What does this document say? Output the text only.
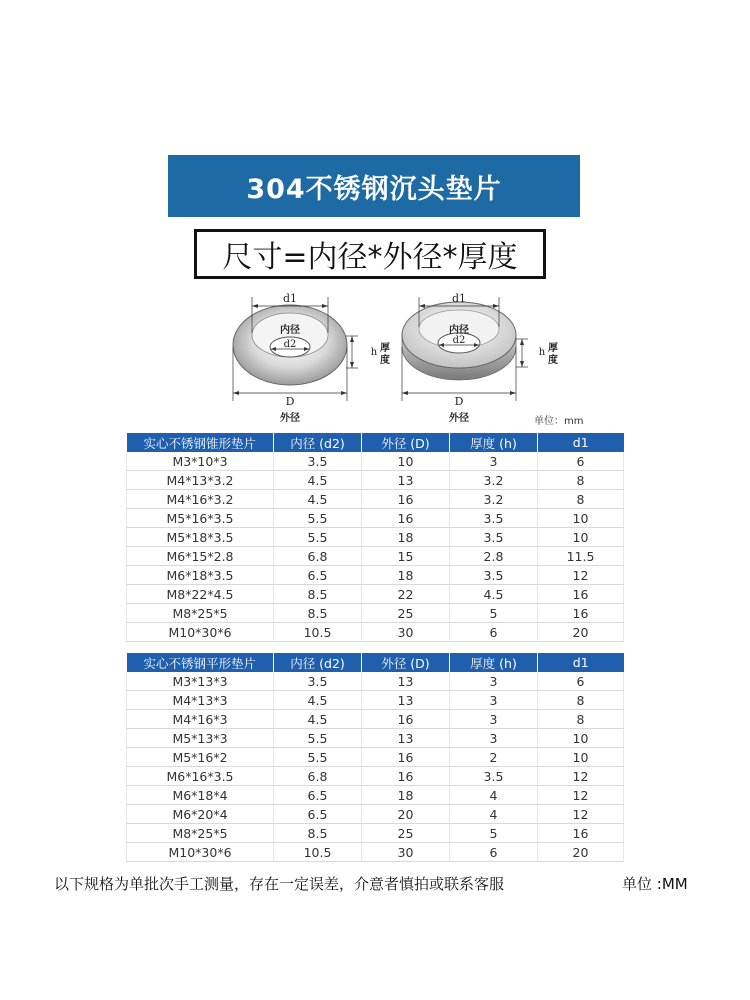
304不锈钢沉头垫片
尺寸=内径*外径*厚度
d1
内径
d2
h 厚
度
D
外径
d1
内径
d2
h 厚
度
D
外径	单位：mm
实心不锈钢锥形垫片	内径 (d2)	外径 (D)	厚度 (h)	d1
M3*10*3	3.5	10	3	6
M4*13*3.2	4.5	13	3.2	8
M4*16*3.2	4.5	16	3.2	8
M5*16*3.5	5.5	16	3.5	10
M5*18*3.5	5.5	18	3.5	10
M6*15*2.8	6.8	15	2.8	11.5
M6*18*3.5	6.5	18	3.5	12
M8*22*4.5	8.5	22	4.5	16
M8*25*5	8.5	25	5	16
M10*30*6	10.5	30	6	20
实心不锈钢平形垫片	内径 (d2)	外径 (D)	厚度 (h)	d1
M3*13*3	3.5	13	3	6
M4*13*3	4.5	13	3	8
M4*16*3	4.5	16	3	8
M5*13*3	5.5	13	3	10
M5*16*2	5.5	16	2	10
M6*16*3.5	6.8	16	3.5	12
M6*18*4	6.5	18	4	12
M6*20*4	6.5	20	4	12
M8*25*5	8.5	25	5	16
M10*30*6	10.5	30	6	20
以下规格为单批次手工测量，存在一定误差，介意者慎拍或联系客服	单位 :MM
